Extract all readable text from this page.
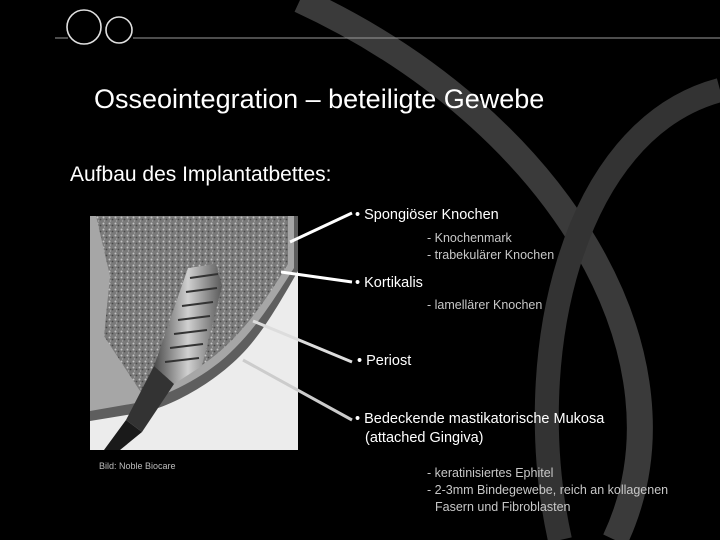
Osseointegration – beteiligte Gewebe
Aufbau des Implantatbettes:
• Spongiöser Knochen
- Knochenmark
- trabekulärer Knochen
• Kortikalis
- lamellärer Knochen
• Periost
• Bedeckende mastikatorische Mukosa
(attached Gingiva)
- keratinisiertes Ephitel
- 2-3mm Bindegewebe, reich an kollagenen
Fasern und Fibroblasten
Bild: Noble Biocare
